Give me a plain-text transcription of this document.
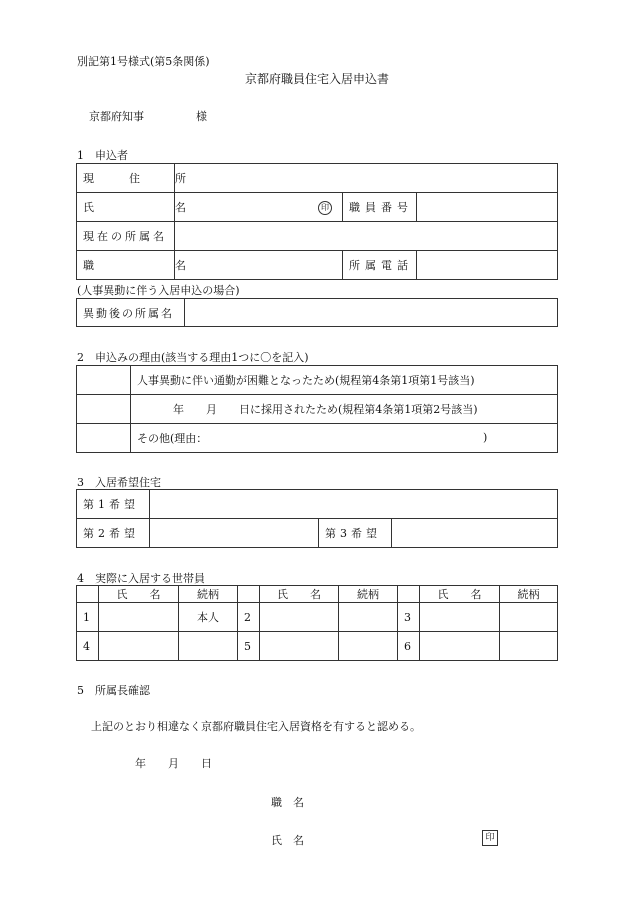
別記第1号様式(第5条関係)
京都府職員住宅入居申込書
京都府知事	様
1　申込者
現　住　所			
氏　　　名	印	職員番号	
現在の所属名			
職　　　名		所属電話	
(人事異動に伴う入居申込の場合)
異動後の所属名	
2　申込みの理由(該当する理由1つに〇を記入)
	人事異動に伴い通勤が困難となったため(規程第4条第1項第1号該当)
	年　　月　　日に採用されたため(規程第4条第1項第2号該当)
	その他(理由： )
3　入居希望住宅
第1希望			
第2希望		第3希望	
4　実際に入居する世帯員
	氏　　名	続柄		氏　　名	続柄		氏　　名	続柄
1		本人	2			3		
4			5			6		
5　所属長確認
上記のとおり相違なく京都府職員住宅入居資格を有すると認める。
年　　月　　日
職　名
氏　名	印
